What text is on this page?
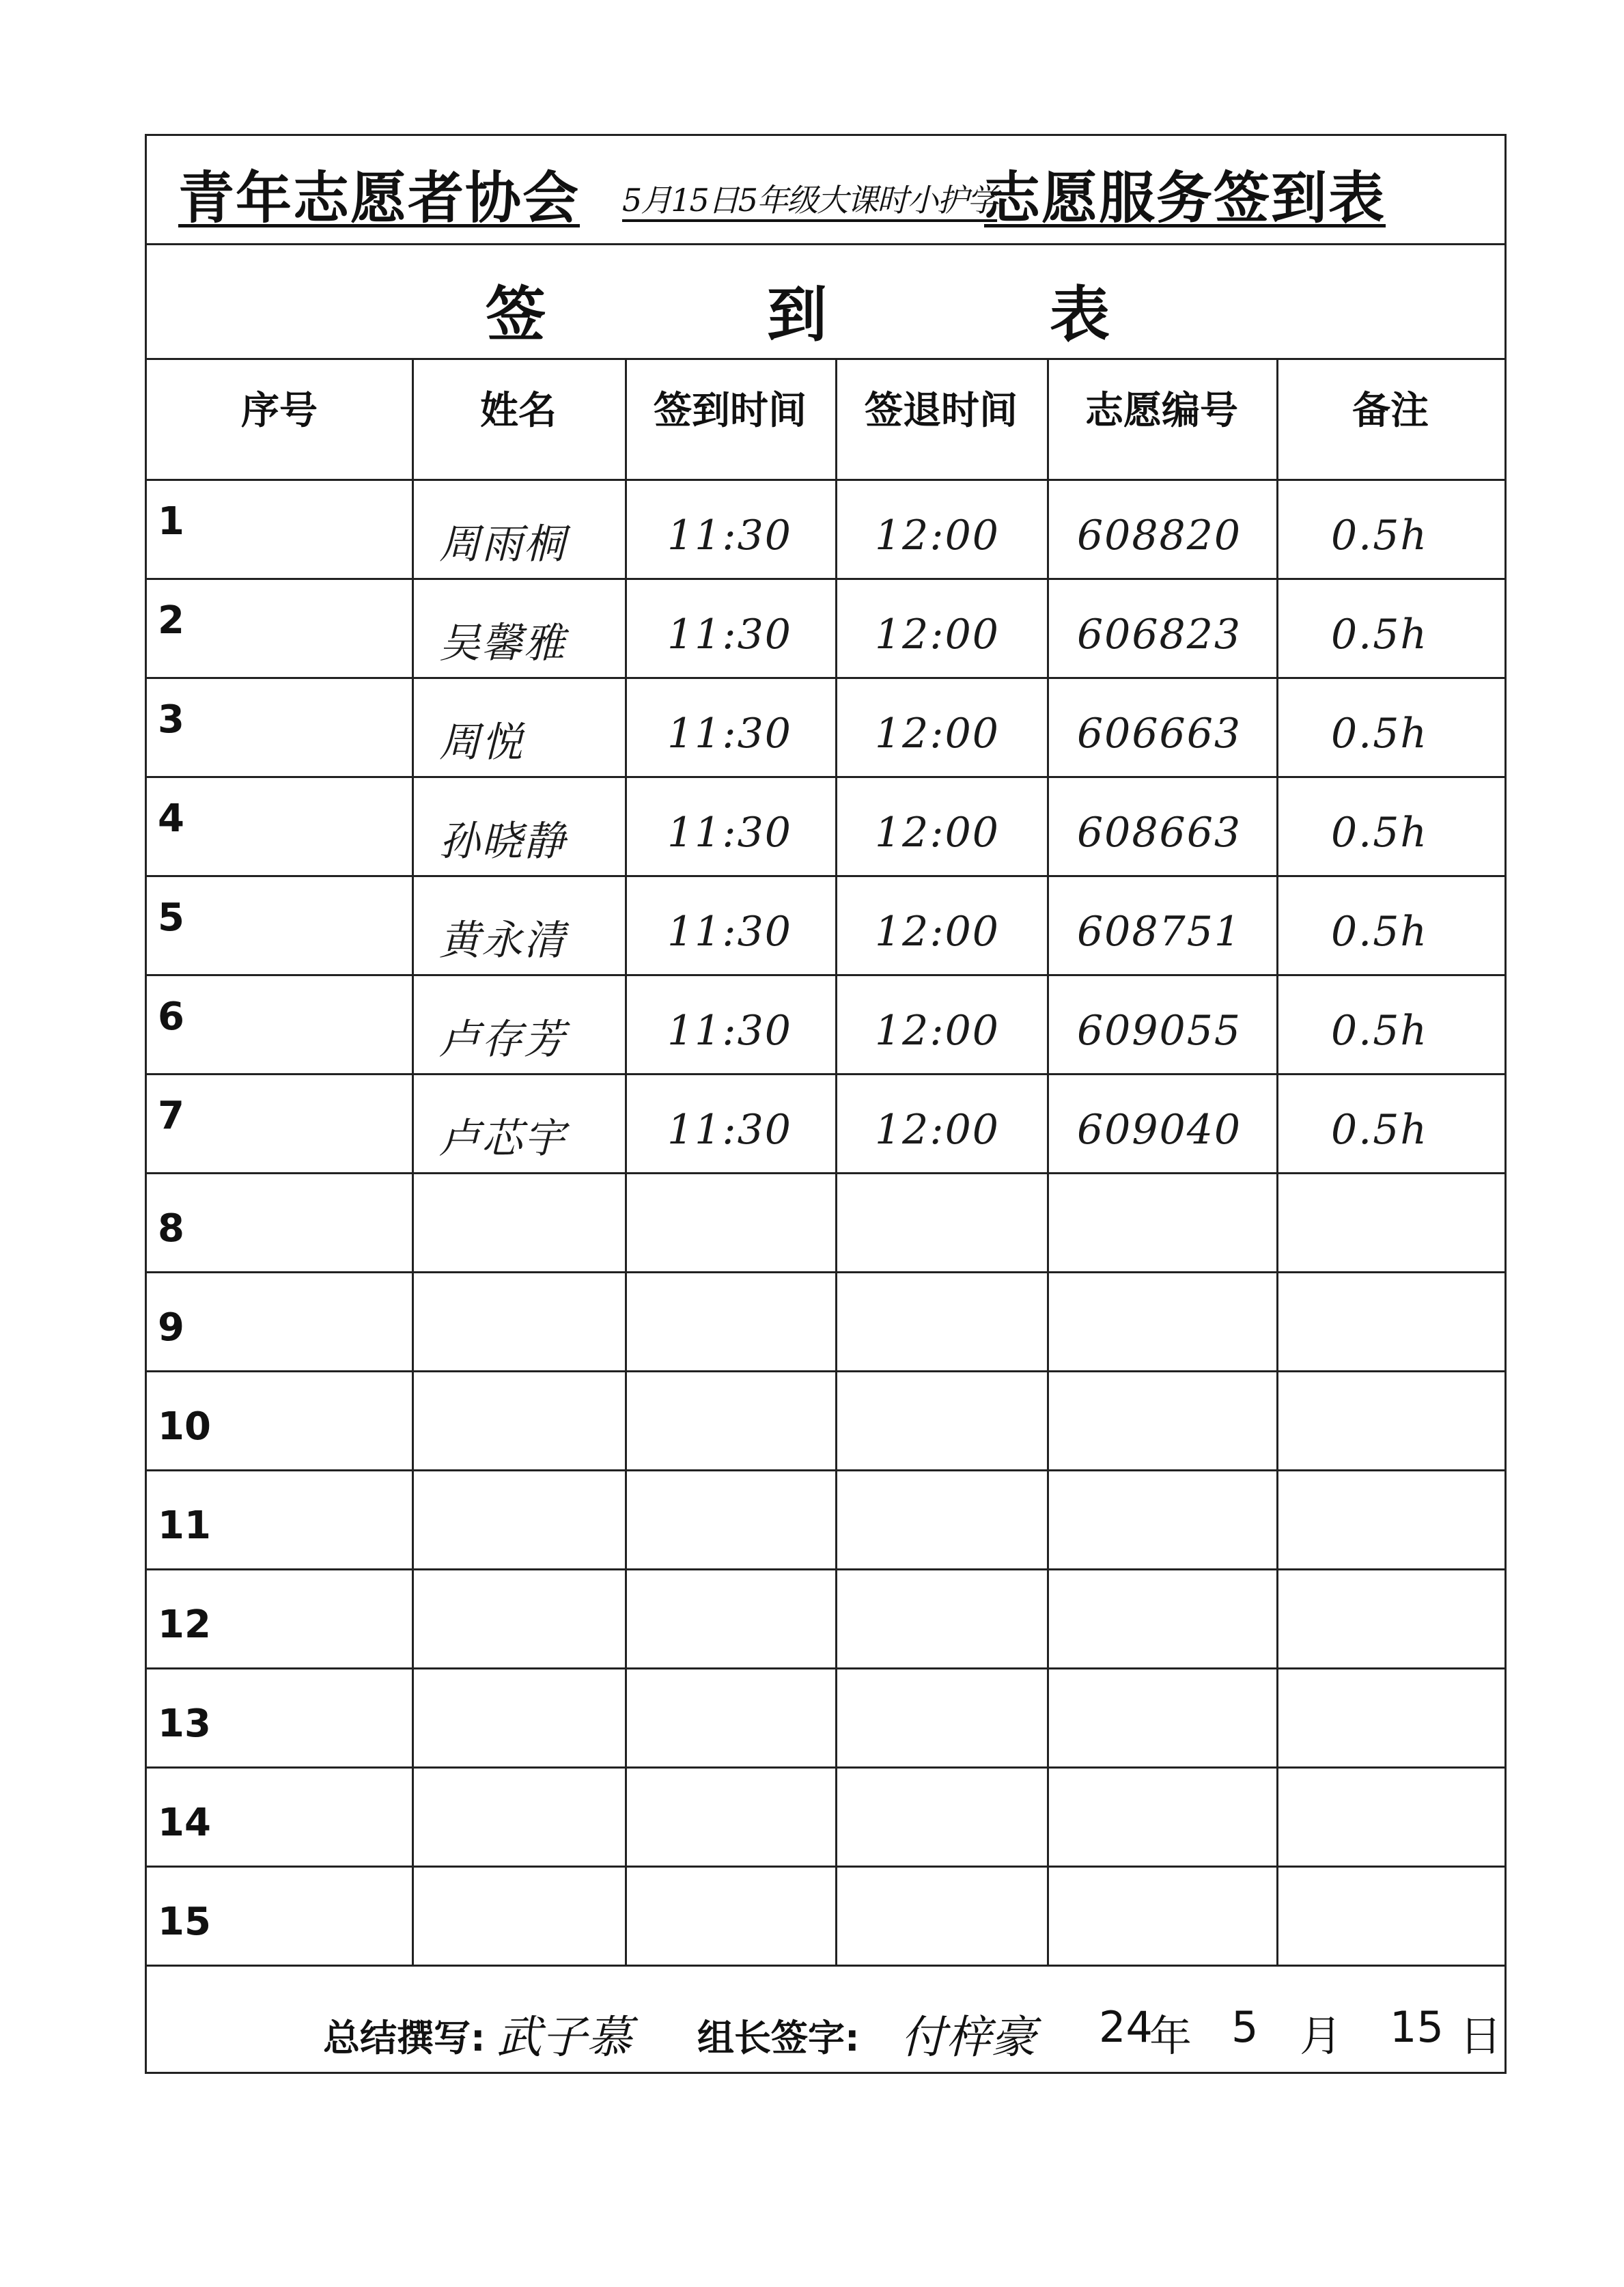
青年志愿者协会 5月15日5年级大课时小护学
志愿服务签到表
签	到	表
序号	姓名	签到时间	签退时间	志愿编号	备注
1	周雨桐 11:30 12:00 608820 0.5h
2	吴馨雅 11:30 12:00 606823 0.5h
3	周悦	11:30 12:00 606663 0.5h
4	孙晓静 11:30 12:00 608663 0.5h
5	黄永清 11:30 12:00 608751 0.5h
6	卢存芳 11:30 12:00 609055 0.5h
7	卢芯宇 11:30 12:00 609040 0.5h
8
9
10
11
12
13
14
15
总结撰写: 武子慕 组长签字: 付梓豪 24
年 5 月 15 日
